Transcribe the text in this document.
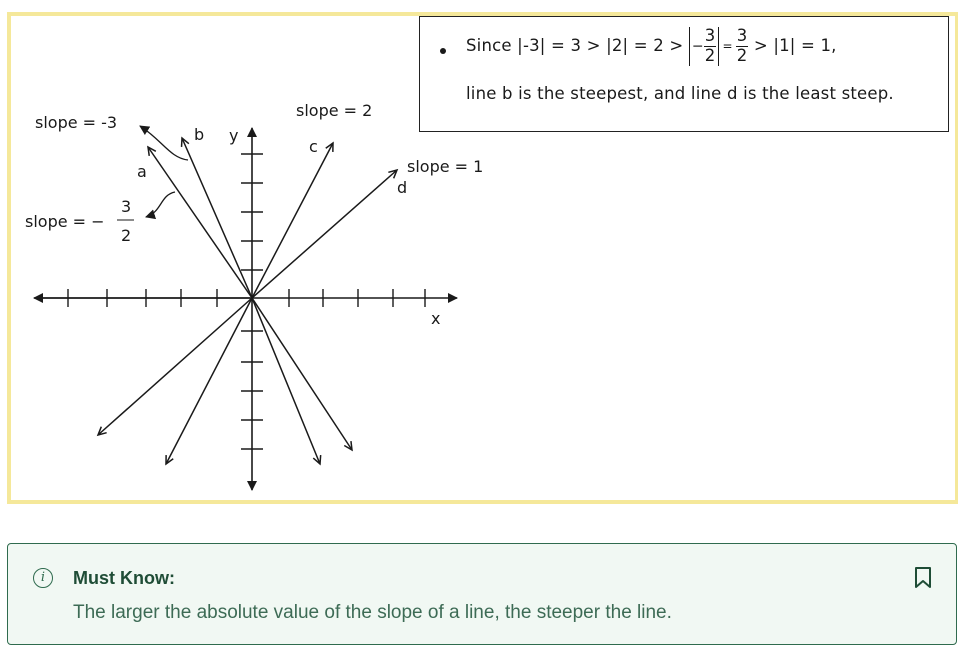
x
y
a
b
c
d
slope = -3
slope = −
3
2
slope = 2
slope = 1
Since |-3| = 3 > |2| = 2 > − $\frac{3}{2} = \frac{3}{2} > |1| = 1$,
line b is the steepest, and line d is the least steep.
i	Must Know:
The larger the absolute value of the slope of a line, the steeper the line.
